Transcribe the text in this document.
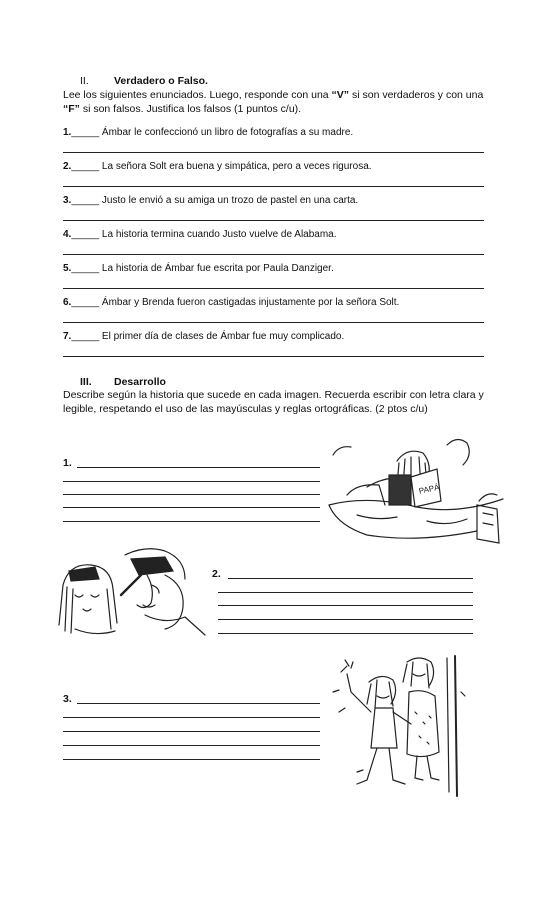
II. Verdadero o Falso.
Lee los siguientes enunciados. Luego, responde con una “V” si son verdaderos y con una “F” si son falsos. Justifica los falsos (1 puntos c/u).
1._____ Ámbar le confeccionó un libro de fotografías a su madre.
2._____ La señora Solt era buena y simpática, pero a veces rigurosa.
3._____ Justo le envió a su amiga un trozo de pastel en una carta.
4._____ La historia termina cuando Justo vuelve de Alabama.
5._____ La historia de Ámbar fue escrita por Paula Danziger.
6._____ Ámbar y Brenda fueron castigadas injustamente por la señora Solt.
7._____ El primer día de clases de Ámbar fue muy complicado.
III. Desarrollo
Describe según la historia que sucede en cada imagen. Recuerda escribir con letra clara y legible, respetando el uso de las mayúsculas y reglas ortográficas. (2 ptos c/u)
1.
PAPÁ
2.
3.
